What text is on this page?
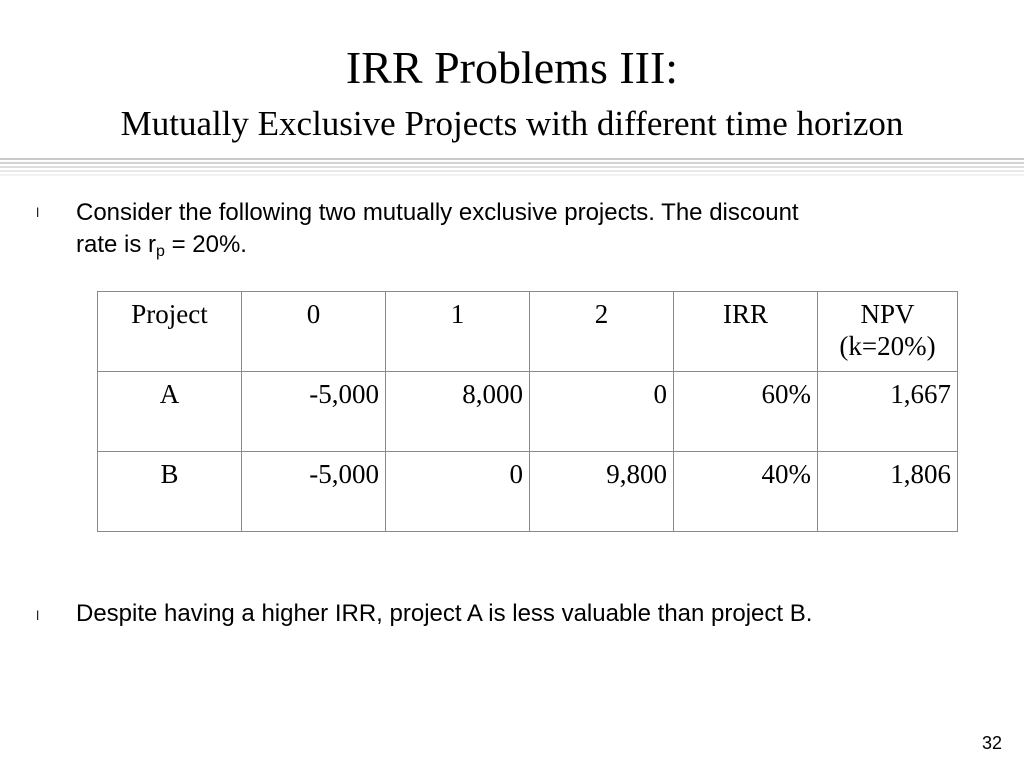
IRR Problems III:
Mutually Exclusive Projects with different time horizon
l Consider the following two mutually exclusive projects. The discount
rate is $r_p = 20\%$.

Project	0	1	2	IRR	NPV
(k=20%)
A	-5,000	8,000	0	60%	1,667
B	-5,000	0	9,800	40%	1,806
l Despite having a higher IRR, project A is less valuable than project B.

32
